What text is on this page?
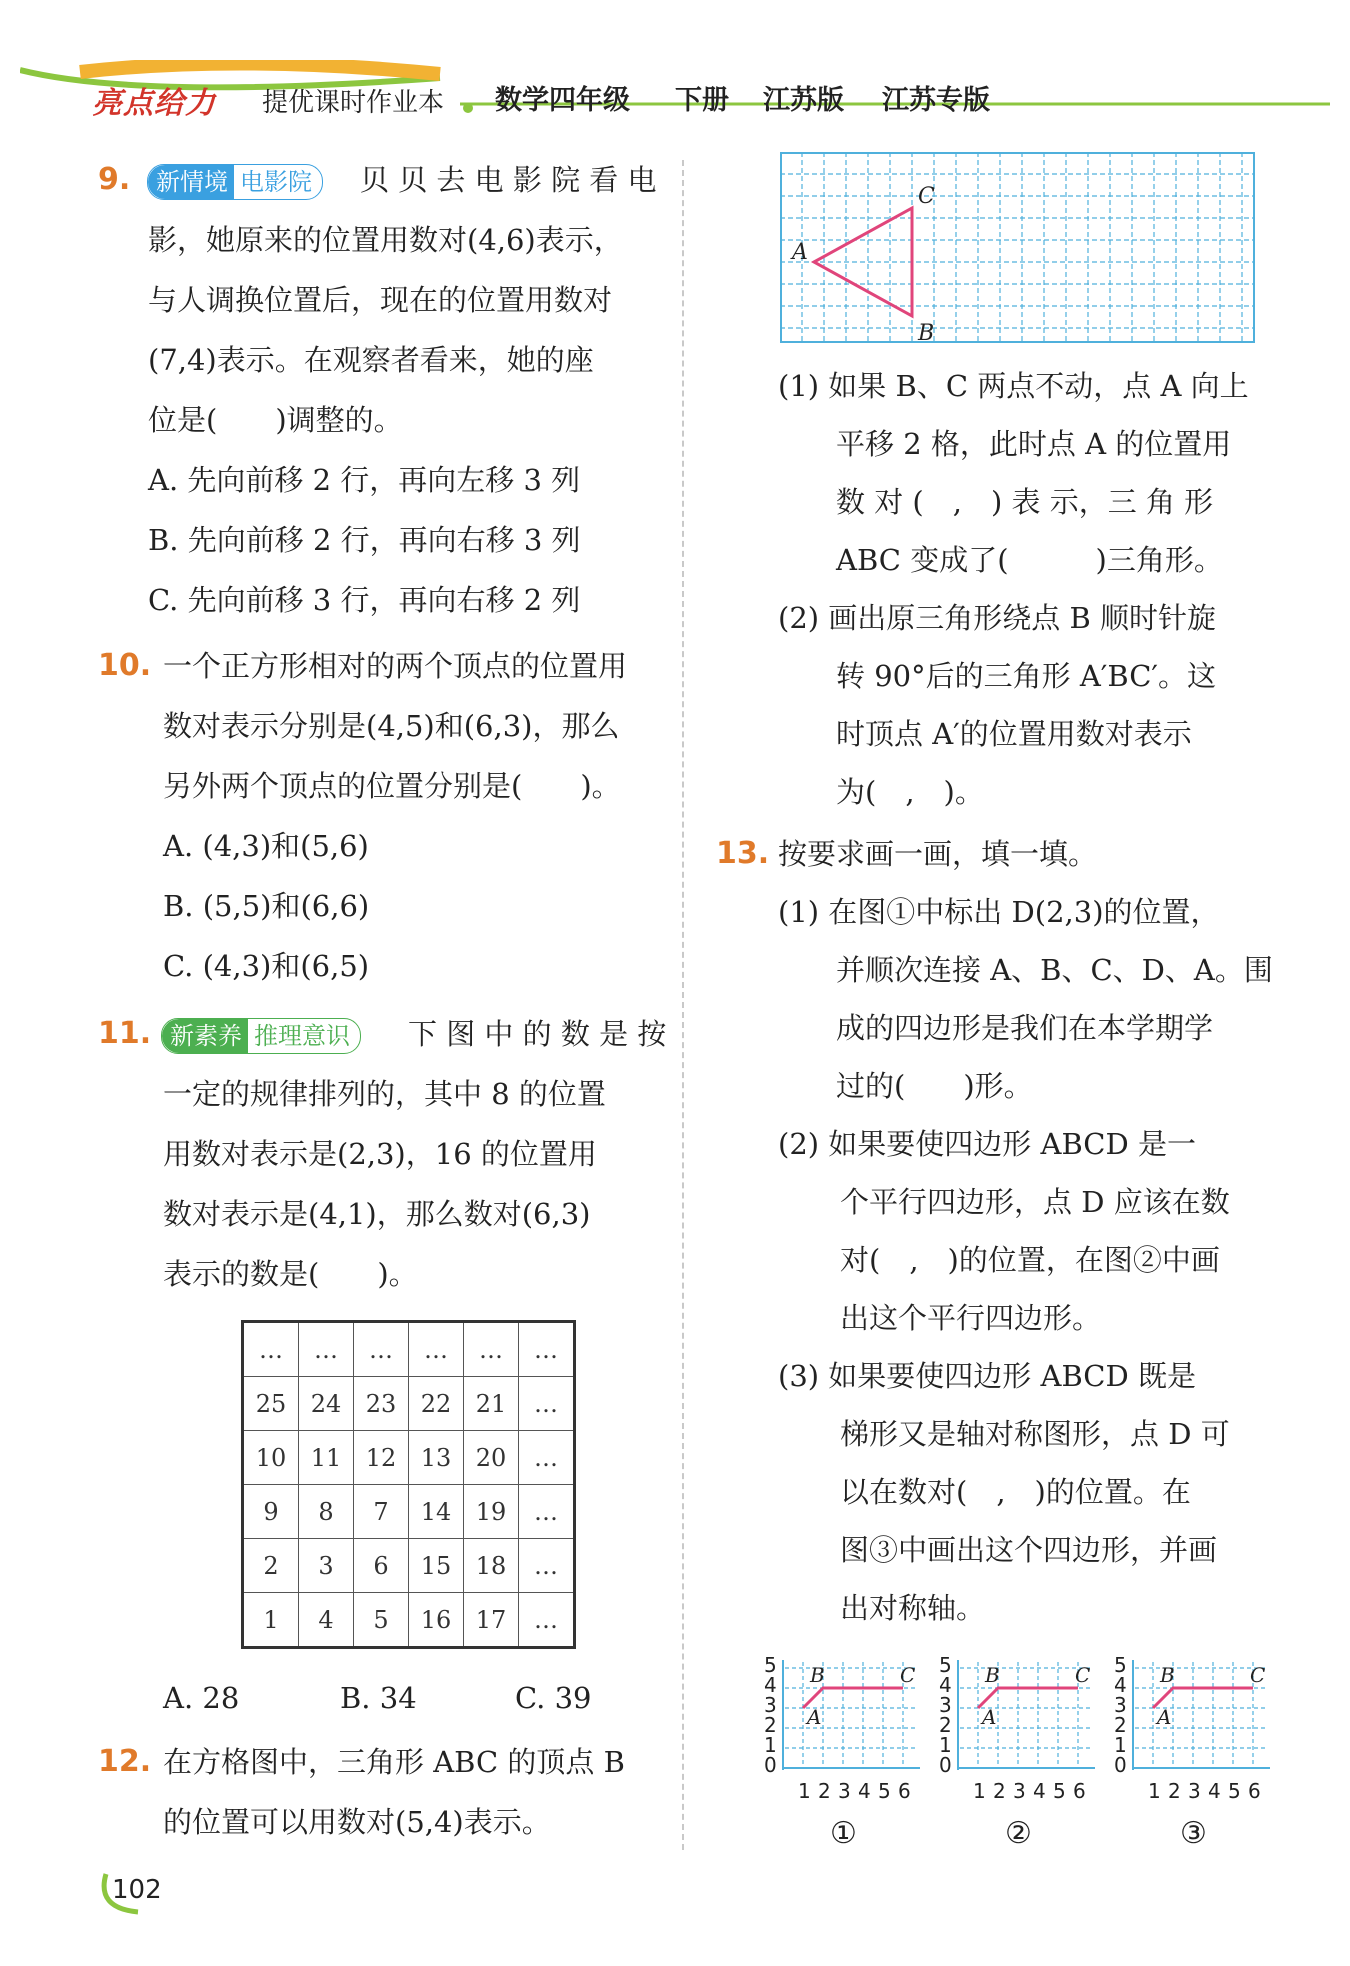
亮点给力 提优课时作业本 数学四年级 下册 江苏版 江苏专版
9.	新情境 电影院	贝 贝 去 电 影 院 看 电
影，她原来的位置用数对(4,6)表示，
与人调换位置后，现在的位置用数对
(7,4)表示。在观察者看来，她的座
位是(　　)调整的。
A. 先向前移 2 行，再向左移 3 列
B. 先向前移 2 行，再向右移 3 列
C. 先向前移 3 行，再向右移 2 列
10. 一个正方形相对的两个顶点的位置用
数对表示分别是(4,5)和(6,3)，那么
另外两个顶点的位置分别是(　　)。
A. (4,3)和(5,6)
B. (5,5)和(6,6)
C. (4,3)和(6,5)
11. 新素养 推理意识	下 图 中 的 数 是 按
一定的规律排列的，其中 8 的位置
用数对表示是(2,3)，16 的位置用
数对表示是(4,1)，那么数对(6,3)
表示的数是(　　)。
…	…	…	…	…	…
25	24	23	22	21	…
10	11	12	13	20	…
9	8	7	14	19	…
2	3	6	15	18	…
1	4	5	16	17	…
A. 28	B. 34	C. 39
12. 在方格图中，三角形 ABC 的顶点 B
的位置可以用数对(5,4)表示。
A
C
B
(1) 如果 B、C 两点不动，点 A 向上
平移 2 格，此时点 A 的位置用
数 对 (　,　) 表 示，三 角 形
ABC 变成了(　　　)三角形。
(2) 画出原三角形绕点 B 顺时针旋
转 90°后的三角形 A′BC′。这
时顶点 A′的位置用数对表示
为(　,　)。
13. 按要求画一画，填一填。
(1) 在图①中标出 D(2,3)的位置，
并顺次连接 A、B、C、D、A。围
成的四边形是我们在本学期学
过的(　　)形。
(2) 如果要使四边形 ABCD 是一
个平行四边形，点 D 应该在数
对(　,　)的位置，在图②中画
出这个平行四边形。
(3) 如果要使四边形 ABCD 既是
梯形又是轴对称图形，点 D 可
以在数对(　,　)的位置。在
图③中画出这个四边形，并画
出对称轴。
5
4
3
2
1
0
1 2 3 4 5 6
A
B	C 5
4
3
2
1
0
1 2 3 4 5 6
A
B	C 5
4
3
2
1
0
1 2 3 4 5 6
A
B	C
①	②	③
102
